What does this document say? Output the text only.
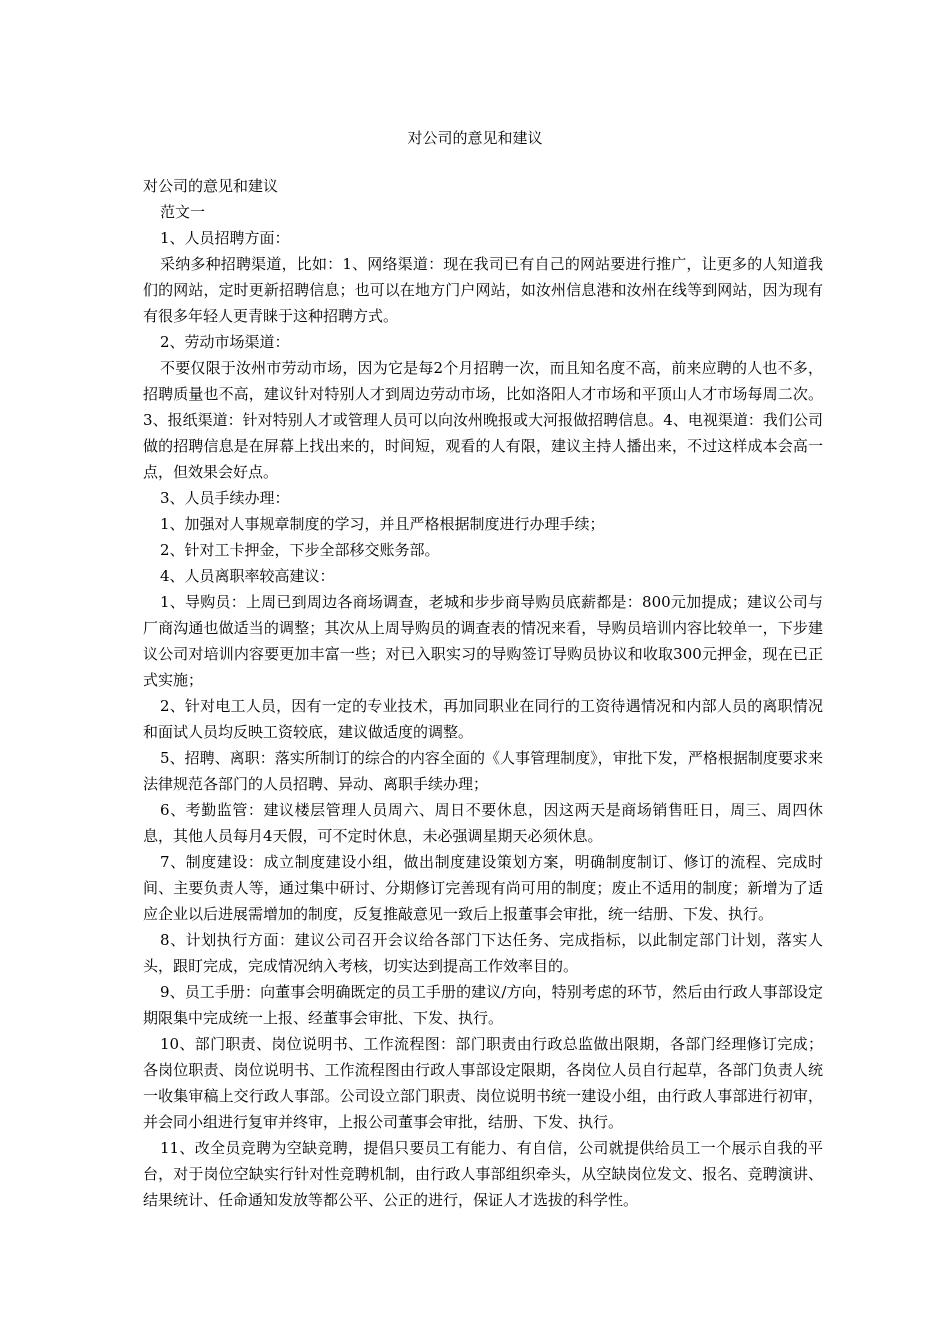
对公司的意见和建议

对公司的意见和建议

范文一

1、人员招聘方面：

采纳多种招聘渠道，比如：1、网络渠道：现在我司已有自己的网站要进行推广，让更多的人知道我们的网站，定时更新招聘信息；也可以在地方门户网站，如汝州信息港和汝州在线等到网站，因为现有有很多年轻人更青睐于这种招聘方式。

2、劳动市场渠道：

不要仅限于汝州市劳动市场，因为它是每2个月招聘一次，而且知名度不高，前来应聘的人也不多，招聘质量也不高，建议针对特别人才到周边劳动市场，比如洛阳人才市场和平顶山人才市场每周二次。3、报纸渠道：针对特别人才或管理人员可以向汝州晚报或大河报做招聘信息。4、电视渠道：我们公司做的招聘信息是在屏幕上找出来的，时间短，观看的人有限，建议主持人播出来，不过这样成本会高一点，但效果会好点。

3、人员手续办理：

1、加强对人事规章制度的学习，并且严格根据制度进行办理手续；

2、针对工卡押金，下步全部移交账务部。

4、人员离职率较高建议：

1、导购员：上周已到周边各商场调查，老城和步步商导购员底薪都是：800元加提成；建议公司与厂商沟通也做适当的调整；其次从上周导购员的调查表的情况来看，导购员培训内容比较单一，下步建议公司对培训内容要更加丰富一些；对已入职实习的导购签订导购员协议和收取300元押金，现在已正式实施；

2、针对电工人员，因有一定的专业技术，再加同职业在同行的工资待遇情况和内部人员的离职情况和面试人员均反映工资较底，建议做适度的调整。

5、招聘、离职：落实所制订的综合的内容全面的《人事管理制度》，审批下发，严格根据制度要求来法律规范各部门的人员招聘、异动、离职手续办理；

6、考勤监管：建议楼层管理人员周六、周日不要休息，因这两天是商场销售旺日，周三、周四休息，其他人员每月4天假，可不定时休息，未必强调星期天必须休息。

7、制度建设：成立制度建设小组，做出制度建设策划方案，明确制度制订、修订的流程、完成时间、主要负责人等，通过集中研讨、分期修订完善现有尚可用的制度；废止不适用的制度；新增为了适应企业以后进展需增加的制度，反复推敲意见一致后上报董事会审批，统一结册、下发、执行。

8、计划执行方面：建议公司召开会议给各部门下达任务、完成指标，以此制定部门计划，落实人头，跟盯完成，完成情况纳入考核，切实达到提高工作效率目的。

9、员工手册：向董事会明确既定的员工手册的建议/方向，特别考虑的环节，然后由行政人事部设定期限集中完成统一上报、经董事会审批、下发、执行。

10、部门职责、岗位说明书、工作流程图：部门职责由行政总监做出限期，各部门经理修订完成；各岗位职责、岗位说明书、工作流程图由行政人事部设定限期，各岗位人员自行起草，各部门负责人统一收集审稿上交行政人事部。公司设立部门职责、岗位说明书统一建设小组，由行政人事部进行初审，并会同小组进行复审并终审，上报公司董事会审批，结册、下发、执行。

11、改全员竞聘为空缺竞聘，提倡只要员工有能力、有自信，公司就提供给员工一个展示自我的平台，对于岗位空缺实行针对性竞聘机制，由行政人事部组织牵头，从空缺岗位发文、报名、竞聘演讲、结果统计、任命通知发放等都公平、公正的进行，保证人才选拔的科学性。
